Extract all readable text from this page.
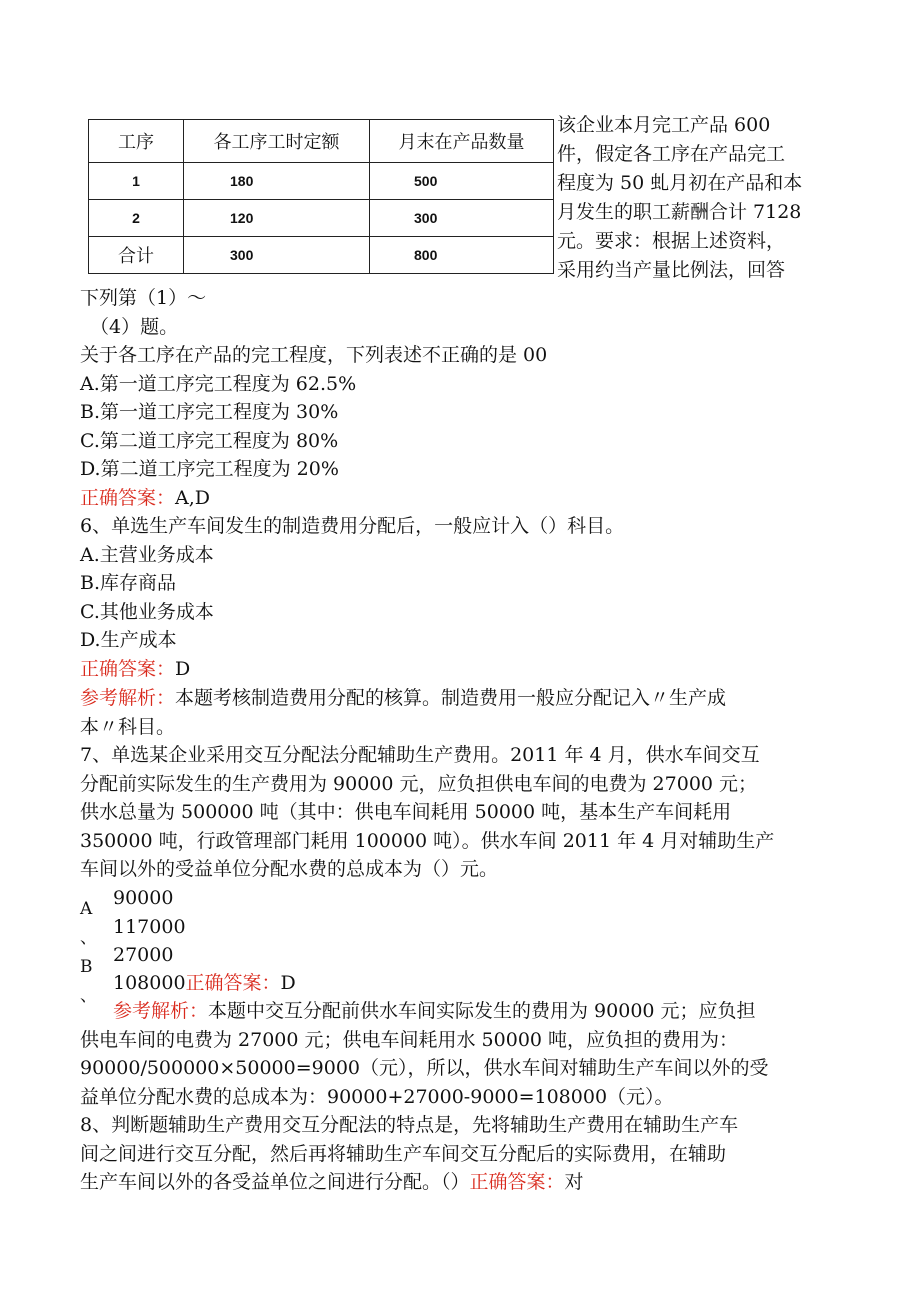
工序	各工序工时定额	月末在产品数量
1	180	500
2	120	300
合计	300	800
该企业本月完工产品 600
件，假定各工序在产品完工
程度为 50 虬月初在产品和本
月发生的职工薪酬合计 7128
元。要求：根据上述资料，
采用约当产量比例法，回答
下列第（1）～
（4）题。
关于各工序在产品的完工程度，下列表述不正确的是 00
A.第一道工序完工程度为 62.5%
B.第一道工序完工程度为 30%
C.第二道工序完工程度为 80%
D.第二道工序完工程度为 20%
正确答案：A,D
6、单选生产车间发生的制造费用分配后，一般应计入（）科目。
A.主营业务成本
B.库存商品
C.其他业务成本
D.生产成本
正确答案：D
参考解析：本题考核制造费用分配的核算。制造费用一般应分配记入〃生产成
本〃科目。
7、单选某企业采用交互分配法分配辅助生产费用。2011 年 4 月，供水车间交互
分配前实际发生的生产费用为 90000 元，应负担供电车间的电费为 27000 元；
供水总量为 500000 吨（其中：供电车间耗用 50000 吨，基本生产车间耗用
350000 吨，行政管理部门耗用 100000 吨）。供水车间 2011 年 4 月对辅助生产
车间以外的受益单位分配水费的总成本为（）元。
A
、
B
、
90000
117000
27000
108000正确答案：D
参考解析：本题中交互分配前供水车间实际发生的费用为 90000 元；应负担
供电车间的电费为 27000 元；供电车间耗用水 50000 吨，应负担的费用为：
90000/500000×50000=9000（元），所以，供水车间对辅助生产车间以外的受
益单位分配水费的总成本为：90000+27000-9000=108000（元）。
8、判断题辅助生产费用交互分配法的特点是，先将辅助生产费用在辅助生产车
间之间进行交互分配，然后再将辅助生产车间交互分配后的实际费用，在辅助
生产车间以外的各受益单位之间进行分配。（）正确答案：对
